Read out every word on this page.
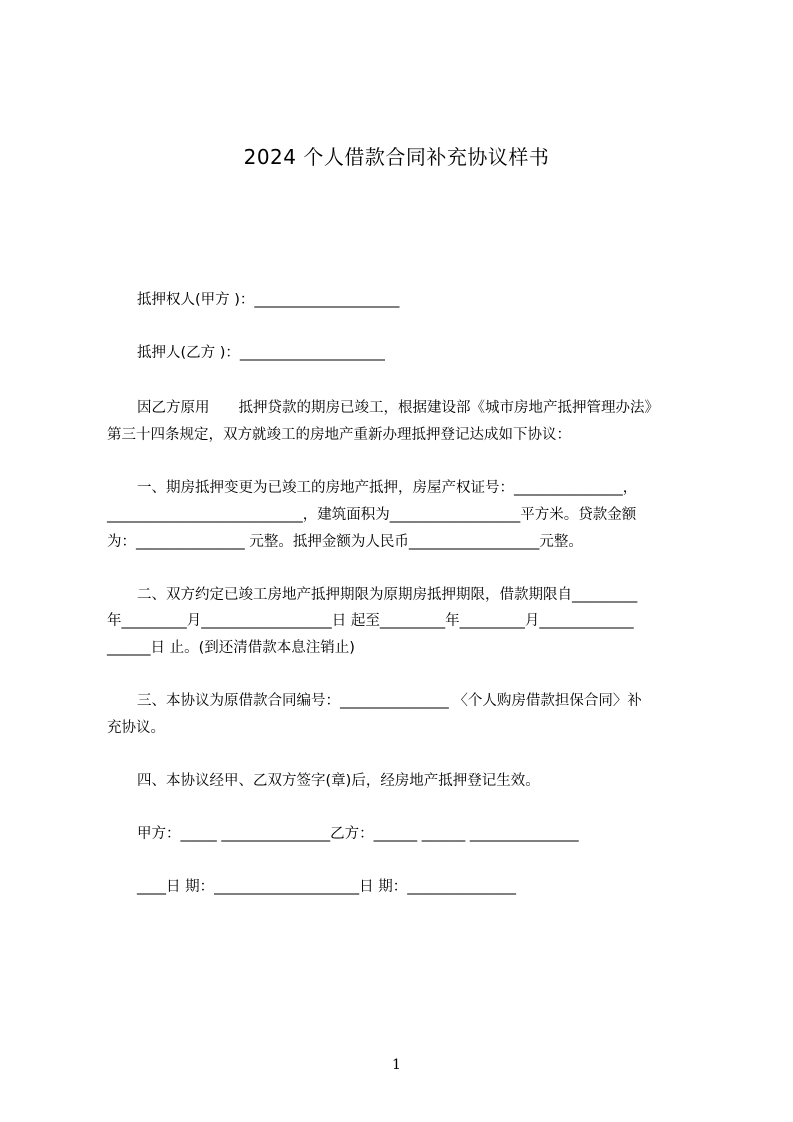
2024 个人借款合同补充协议样书
抵押权人(甲方 )：____________________
抵押人(乙方 )：____________________
因乙方原用　　抵押贷款的期房已竣工，根据建设部《城市房地产抵押管理办法》
第三十四条规定，双方就竣工的房地产重新办理抵押登记达成如下协议：
一、期房抵押变更为已竣工的房地产抵押，房屋产权证号：_______________，
___________________________，建筑面积为__________________平方米。贷款金额
为：_______________ 元整。抵押金额为人民币__________________元整。
二、双方约定已竣工房地产抵押期限为原期房抵押期限，借款期限自_________
年_________月__________________日 起至_________年_________月_____________
______日 止。(到还清借款本息注销止)
三、本协议为原借款合同编号：_______________ 〈个人购房借款担保合同〉补
充协议。
四、本协议经甲、乙双方签字(章)后，经房地产抵押登记生效。
甲方：_____ _______________乙方：______ ______ _______________
____日 期：____________________日 期：_______________
1
